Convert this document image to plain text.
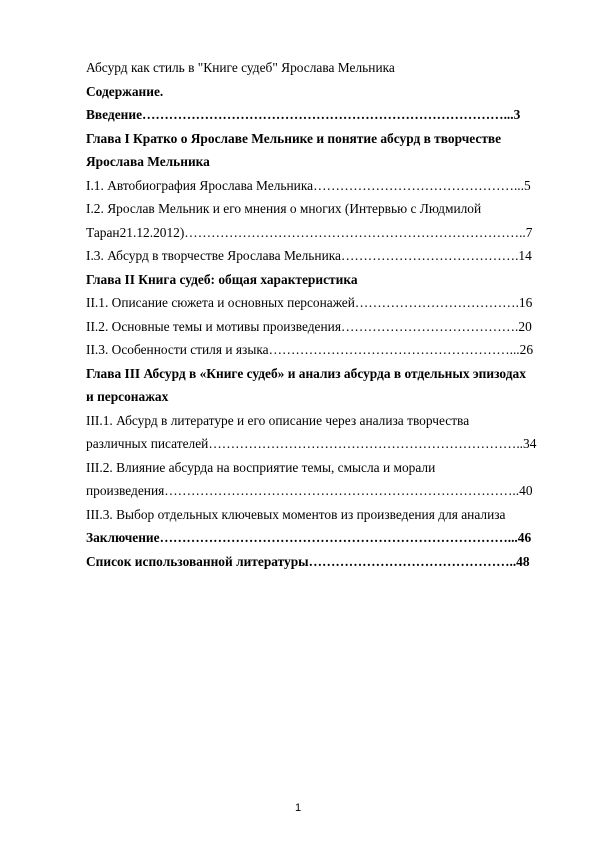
Абсурд как стиль в "Книге судеб" Ярослава Мельника
Содержание.
Введение………………………………………………………………………...3
Глава I Кратко о Ярославе Мельнике и понятие абсурд в творчестве
Ярослава Мельника
I.1. Автобиография Ярослава Мельника………………………………………...5
I.2. Ярослав Мельник и его мнения о многих (Интервью с Людмилой
Таран21.12.2012)…………………………………………………………………..7
I.3. Абсурд в творчестве Ярослава Мельника………………………………….14
Глава II Книга судеб: общая характеристика
II.1. Описание сюжета и основных персонажей……………………………….16
II.2. Основные темы и мотивы произведения………………………………….20
II.3. Особенности стиля и языка………………………………………………...26
Глава III Абсурд в «Книге судеб» и анализ абсурда в отдельных эпизодах
и персонажах
III.1. Абсурд в литературе и его описание через анализа творчества
различных писателей……………………………………………………………..34
III.2. Влияние абсурда на восприятие темы, смысла и морали
произведения……………………………………………………………………..40
III.3. Выбор отдельных ключевых моментов из произведения для анализа
Заключение……………………………………………………………………...46
Список использованной литературы………………………………………..48
1
